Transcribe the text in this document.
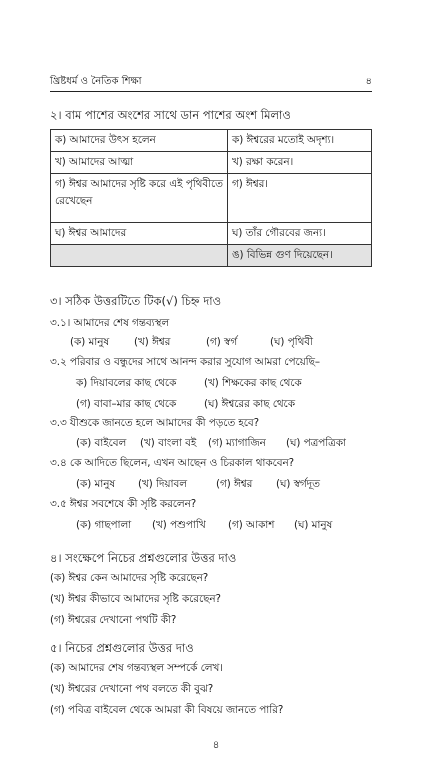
খ্রিষ্টধর্ম ও নৈতিক শিক্ষা	৪
২। বাম পাশের অংশের সাথে ডান পাশের অংশ মিলাও
ক) আমাদের উৎস হলেন	ক) ঈশ্বরের মতোই অদৃশ্য।
খ) আমাদের আত্মা	খ) রক্ষা করেন।
গ) ঈশ্বর আমাদের সৃষ্টি করে এই পৃথিবীতে রেখেছেন	গ) ঈশ্বর।
ঘ) ঈশ্বর আমাদের	ঘ) তাঁর গৌরবের জন্য।
	ঙ) বিভিন্ন গুণ দিয়েছেন।
৩। সঠিক উত্তরটিতে টিক(√) চিহ্ন দাও
৩.১। আমাদের শেষ গন্তব্যস্থল
(ক) মানুষ (খ) ঈশ্বর	(গ) স্বর্গ	(ঘ) পৃথিবী
৩.২ পরিবার ও বন্ধুদের সাথে আনন্দ করার সুযোগ আমরা পেয়েছি–
ক) দিয়াবলের কাছ থেকে	(খ) শিক্ষকের কাছ থেকে
(গ) বাবা–মার কাছ থেকে	(ঘ) ঈশ্বরের কাছ থেকে
৩.৩ যীশুকে জানতে হলে আমাদের কী পড়তে হবে?
(ক) বাইবেল (খ) বাংলা বই (গ) ম্যাগাজিন (ঘ) পত্রপত্রিকা
৩.৪ কে আদিতে ছিলেন, এখন আছেন ও চিরকাল থাকবেন?
(ক) মানুষ (খ) দিয়াবল	(গ) ঈশ্বর (ঘ) স্বর্গদূত
৩.৫ ঈশ্বর সবশেষে কী সৃষ্টি করলেন?
(ক) গাছপালা (খ) পশুপাখি (গ) আকাশ (ঘ) মানুষ
৪। সংক্ষেপে নিচের প্রশ্নগুলোর উত্তর দাও
(ক) ঈশ্বর কেন আমাদের সৃষ্টি করেছেন?
(খ) ঈশ্বর কীভাবে আমাদের সৃষ্টি করেছেন?
(গ) ঈশ্বরের দেখানো পথটি কী?
৫। নিচের প্রশ্নগুলোর উত্তর দাও
(ক) আমাদের শেষ গন্তব্যস্থল সম্পর্কে লেখ।
(খ) ঈশ্বরের দেখানো পথ বলতে কী বুঝ?
(গ) পবিত্র বাইবেল থেকে আমরা কী বিষয়ে জানতে পারি?
৪
